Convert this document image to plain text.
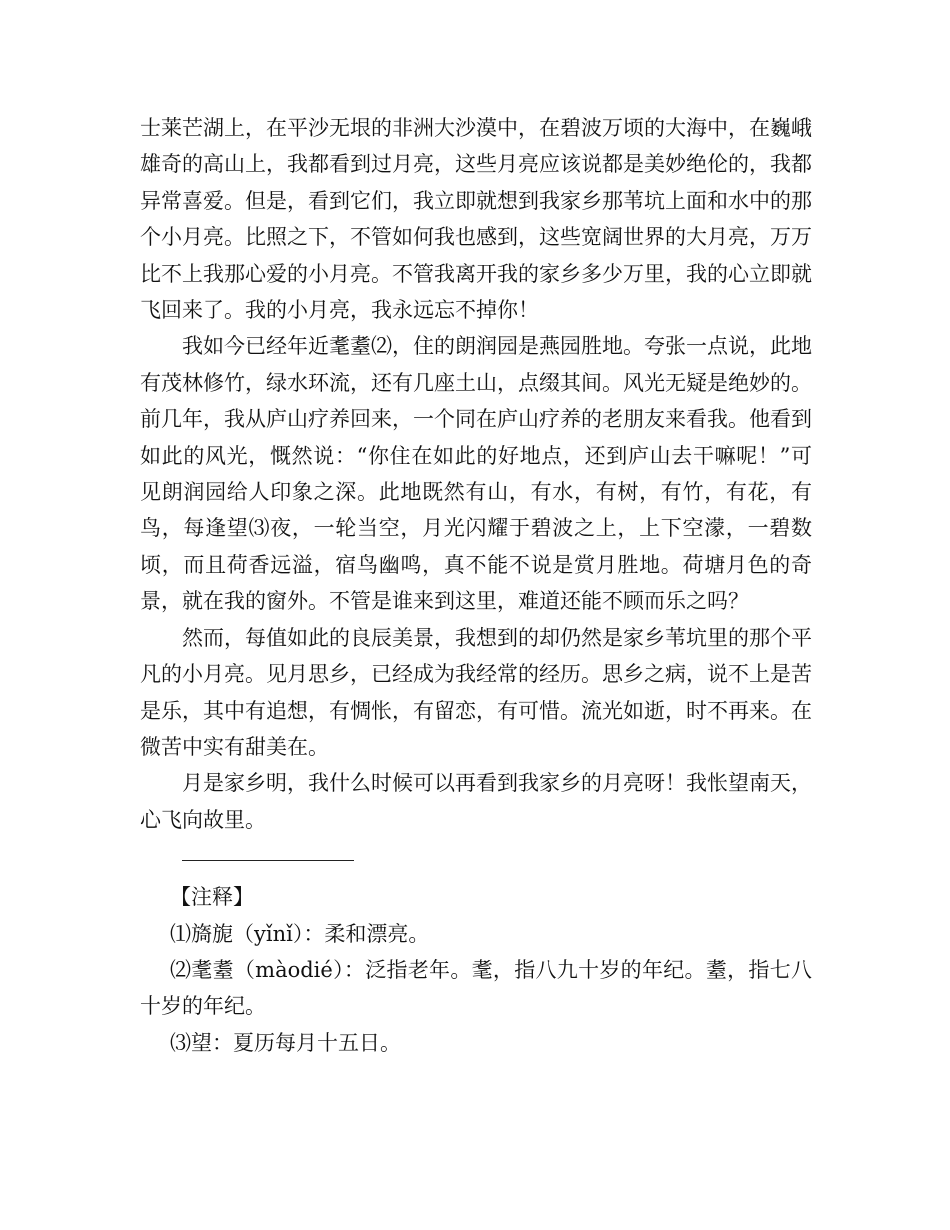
士莱芒湖上，在平沙无垠的非洲大沙漠中，在碧波万顷的大海中，在巍峨雄奇的高山上，我都看到过月亮，这些月亮应该说都是美妙绝伦的，我都异常喜爱。但是，看到它们，我立即就想到我家乡那苇坑上面和水中的那个小月亮。比照之下，不管如何我也感到，这些宽阔世界的大月亮，万万比不上我那心爱的小月亮。不管我离开我的家乡多少万里，我的心立即就飞回来了。我的小月亮，我永远忘不掉你！

我如今已经年近耄耋⑵，住的朗润园是燕园胜地。夸张一点说，此地有茂林修竹，绿水环流，还有几座土山，点缀其间。风光无疑是绝妙的。前几年，我从庐山疗养回来，一个同在庐山疗养的老朋友来看我。他看到如此的风光，慨然说：“你住在如此的好地点，还到庐山去干嘛呢！”可见朗润园给人印象之深。此地既然有山，有水，有树，有竹，有花，有鸟，每逢望⑶夜，一轮当空，月光闪耀于碧波之上，上下空濛，一碧数顷，而且荷香远溢，宿鸟幽鸣，真不能不说是赏月胜地。荷塘月色的奇景，就在我的窗外。不管是谁来到这里，难道还能不顾而乐之吗？

然而，每值如此的良辰美景，我想到的却仍然是家乡苇坑里的那个平凡的小月亮。见月思乡，已经成为我经常的经历。思乡之病，说不上是苦是乐，其中有追想，有惆怅，有留恋，有可惜。流光如逝，时不再来。在微苦中实有甜美在。

月是家乡明，我什么时候可以再看到我家乡的月亮呀！我怅望南天，心飞向故里。

【注释】

⑴旖旎（yǐnǐ）：柔和漂亮。

⑵耄耋（màodié）：泛指老年。耄，指八九十岁的年纪。耋，指七八十岁的年纪。

⑶望：夏历每月十五日。
